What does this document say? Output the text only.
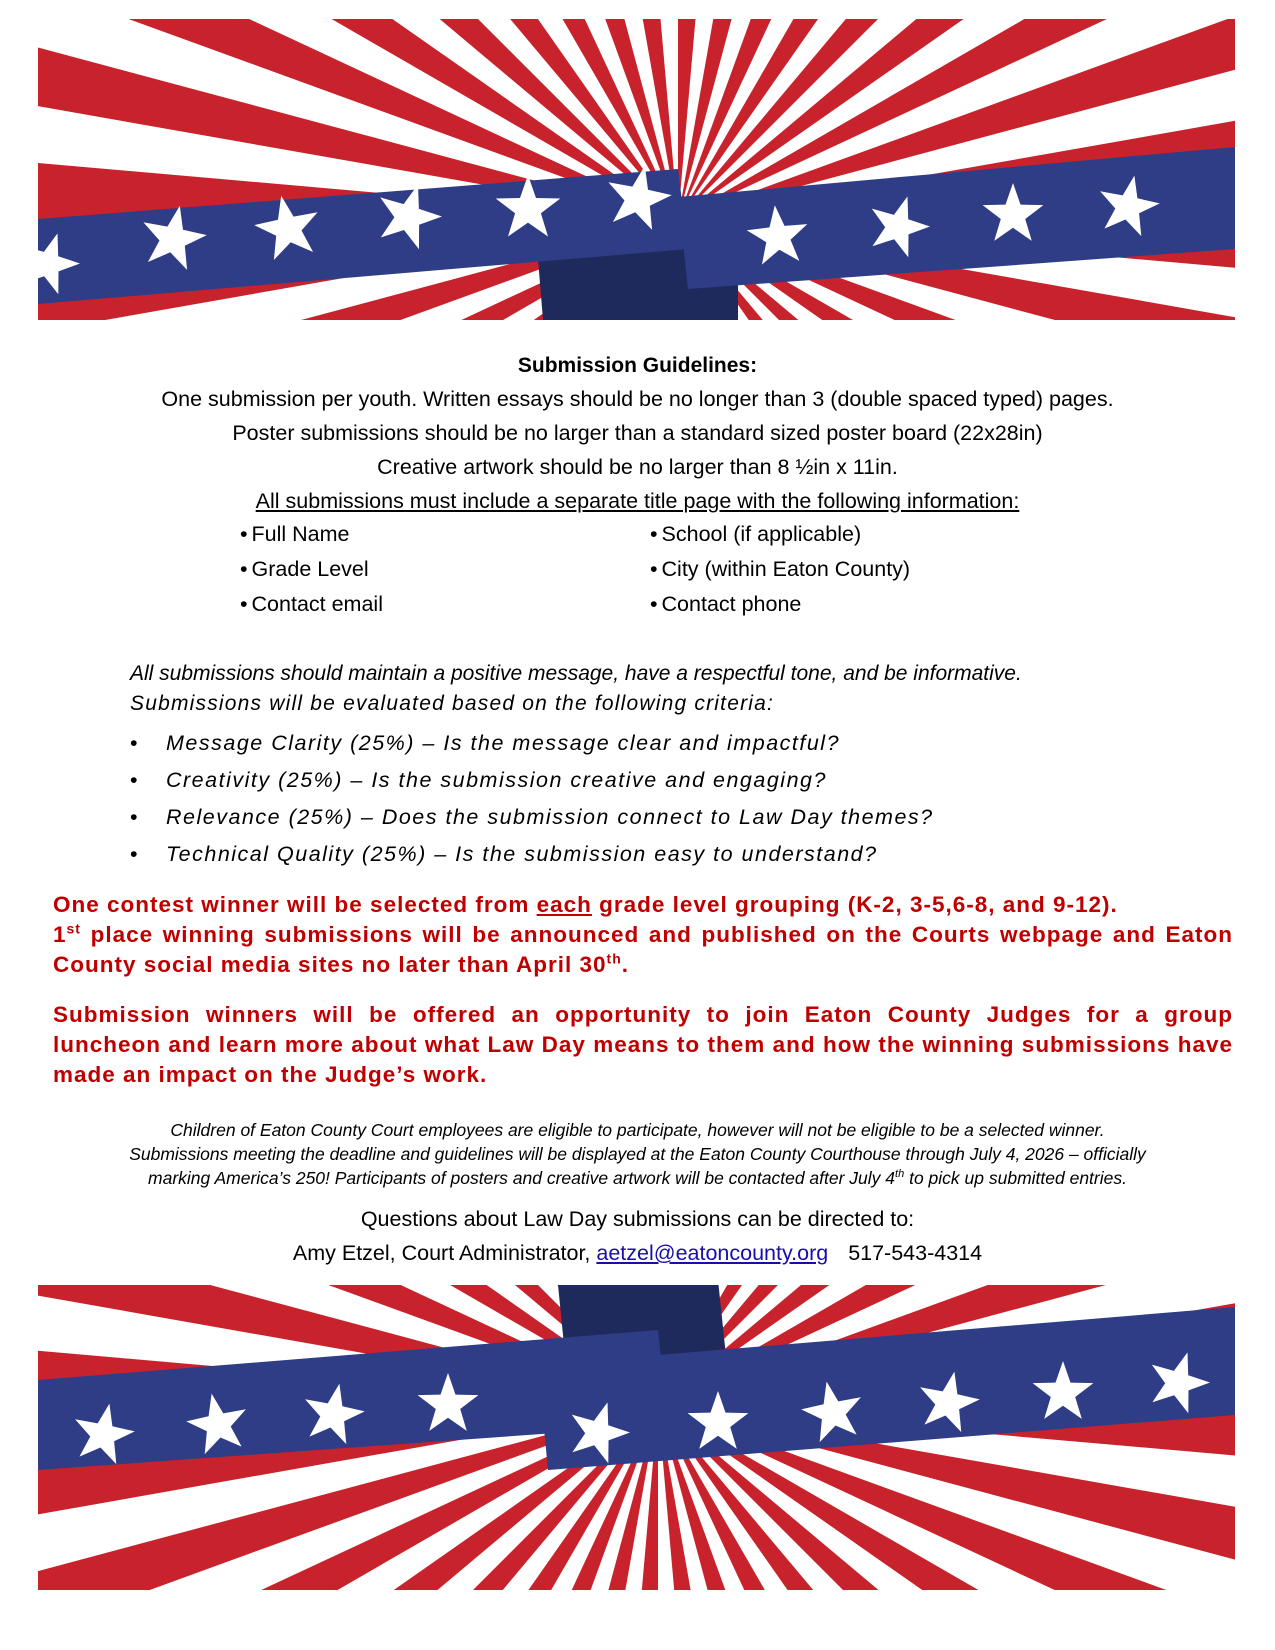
Submission Guidelines:
One submission per youth. Written essays should be no longer than 3 (double spaced typed) pages.
Poster submissions should be no larger than a standard sized poster board (22x28in)
Creative artwork should be no larger than 8 ½in x 11in.
All submissions must include a separate title page with the following information:
• Full Name
• Grade Level
• Contact email
• School (if applicable)
• City (within Eaton County)
• Contact phone
All submissions should maintain a positive message, have a respectful tone, and be informative.
Submissions will be evaluated based on the following criteria:
• Message Clarity (25%) – Is the message clear and impactful?
• Creativity (25%) – Is the submission creative and engaging?
• Relevance (25%) – Does the submission connect to Law Day themes?
• Technical Quality (25%) – Is the submission easy to understand?
One contest winner will be selected from each grade level grouping (K-2, 3-5,6-8, and 9-12).
1st place winning submissions will be announced and published on the Courts webpage and Eaton County social media sites no later than April 30th.
Submission winners will be offered an opportunity to join Eaton County Judges for a group luncheon and learn more about what Law Day means to them and how the winning submissions have made an impact on the Judge’s work.
Children of Eaton County Court employees are eligible to participate, however will not be eligible to be a selected winner.
Submissions meeting the deadline and guidelines will be displayed at the Eaton County Courthouse through July 4, 2026 – officially
marking America’s 250! Participants of posters and creative artwork will be contacted after July 4th to pick up submitted entries.
Questions about Law Day submissions can be directed to:
Amy Etzel, Court Administrator, aetzel@eatoncounty.org 517-543-4314
